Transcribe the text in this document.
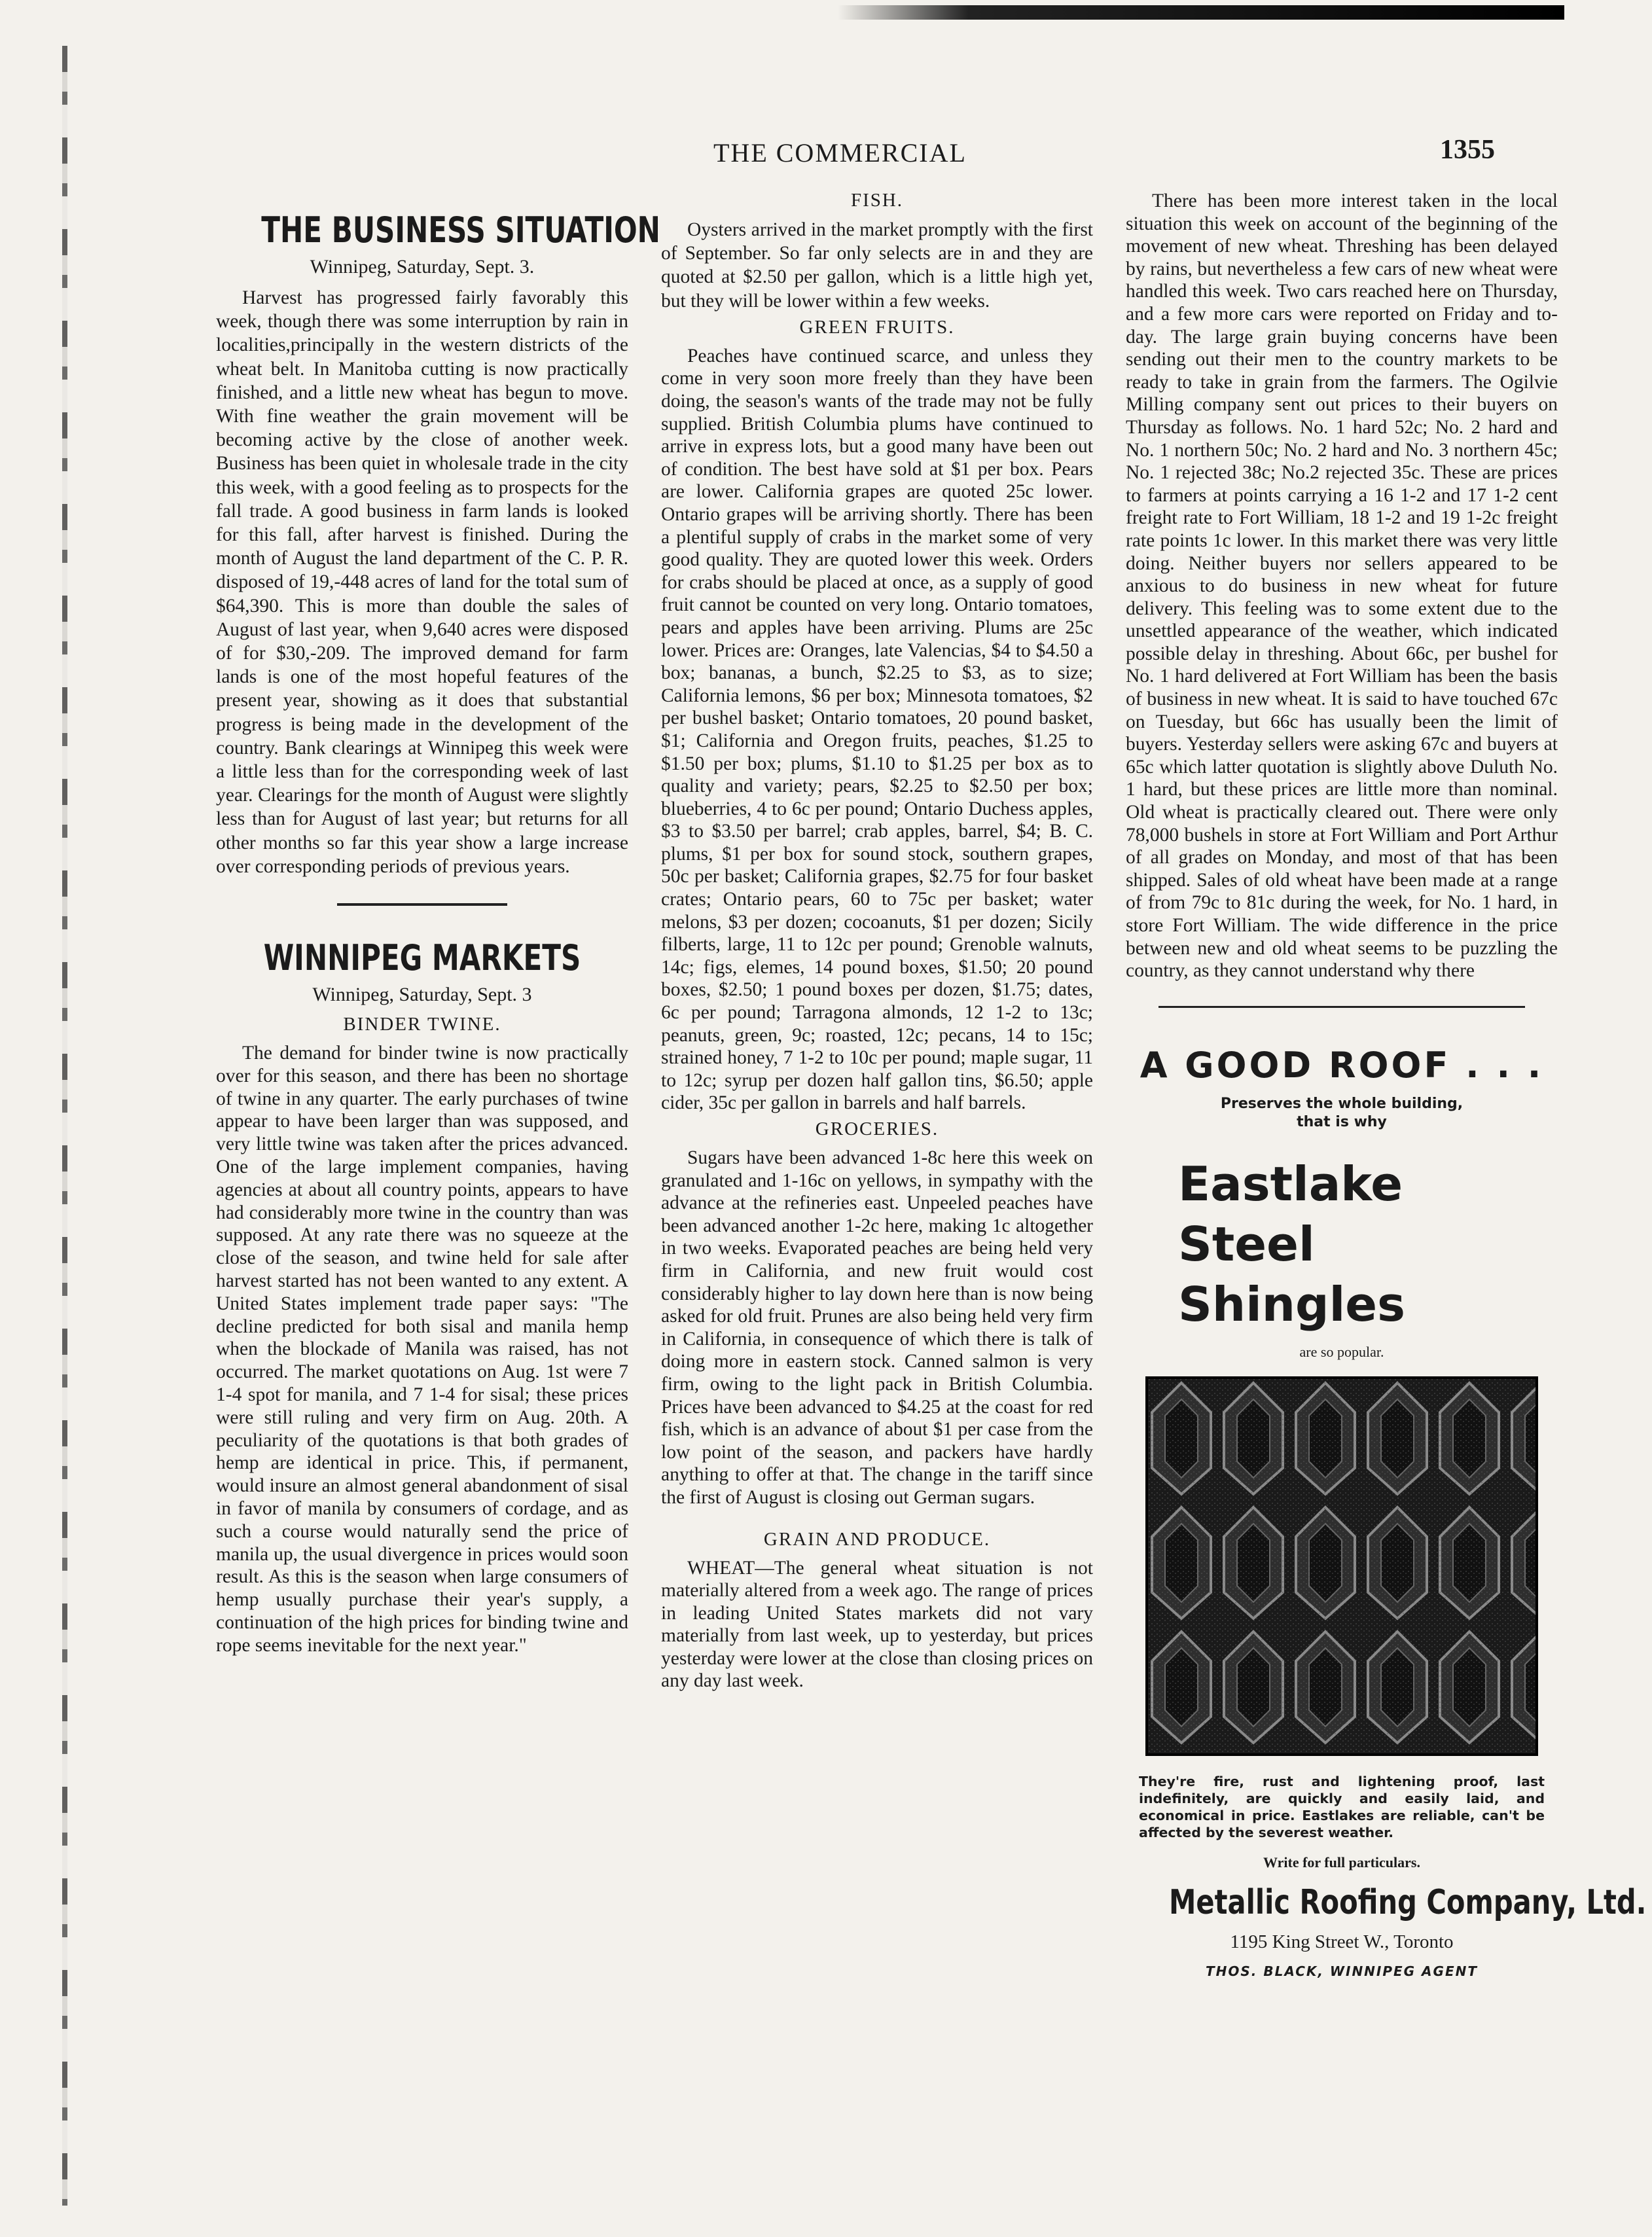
THE COMMERCIAL	1355
THE BUSINESS SITUATION
Winnipeg, Saturday, Sept. 3.

Harvest has progressed fairly favorably this week, though there was some interruption by rain in localities,principally in the western districts of the wheat belt. In Manitoba cutting is now practically finished, and a little new wheat has begun to move. With fine weather the grain movement will be becoming active by the close of another week. Business has been quiet in wholesale trade in the city this week, with a good feeling as to prospects for the fall trade. A good business in farm lands is looked for this fall, after harvest is finished. During the month of August the land department of the C. P. R. disposed of 19,-448 acres of land for the total sum of $64,390. This is more than double the sales of August of last year, when 9,640 acres were disposed of for $30,-209. The improved demand for farm lands is one of the most hopeful features of the present year, showing as it does that substantial progress is being made in the development of the country. Bank clearings at Winnipeg this week were a little less than for the corresponding week of last year. Clearings for the month of August were slightly less than for August of last year; but returns for all other months so far this year show a large increase over corresponding periods of previous years.

WINNIPEG MARKETS
Winnipeg, Saturday, Sept. 3
BINDER TWINE.

The demand for binder twine is now practically over for this season, and there has been no shortage of twine in any quarter. The early purchases of twine appear to have been larger than was supposed, and very little twine was taken after the prices advanced. One of the large implement companies, having agencies at about all country points, appears to have had considerably more twine in the country than was supposed. At any rate there was no squeeze at the close of the season, and twine held for sale after harvest started has not been wanted to any extent. A United States implement trade paper says: "The decline predicted for both sisal and manila hemp when the blockade of Manila was raised, has not occurred. The market quotations on Aug. 1st were 7 1-4 spot for manila, and 7 1-4 for sisal; these prices were still ruling and very firm on Aug. 20th. A peculiarity of the quotations is that both grades of hemp are identical in price. This, if permanent, would insure an almost general abandonment of sisal in favor of manila by consumers of cordage, and as such a course would naturally send the price of manila up, the usual divergence in prices would soon result. As this is the season when large consumers of hemp usually purchase their year's supply, a continuation of the high prices for binding twine and rope seems inevitable for the next year."

FISH.

Oysters arrived in the market promptly with the first of September. So far only selects are in and they are quoted at $2.50 per gallon, which is a little high yet, but they will be lower within a few weeks.

GREEN FRUITS.

Peaches have continued scarce, and unless they come in very soon more freely than they have been doing, the season's wants of the trade may not be fully supplied. British Columbia plums have continued to arrive in express lots, but a good many have been out of condition. The best have sold at $1 per box. Pears are lower. California grapes are quoted 25c lower. Ontario grapes will be arriving shortly. There has been a plentiful supply of crabs in the market some of very good quality. They are quoted lower this week. Orders for crabs should be placed at once, as a supply of good fruit cannot be counted on very long. Ontario tomatoes, pears and apples have been arriving. Plums are 25c lower. Prices are: Oranges, late Valencias, $4 to $4.50 a box; bananas, a bunch, $2.25 to $3, as to size; California lemons, $6 per box; Minnesota tomatoes, $2 per bushel basket; Ontario tomatoes, 20 pound basket, $1; California and Oregon fruits, peaches, $1.25 to $1.50 per box; plums, $1.10 to $1.25 per box as to quality and variety; pears, $2.25 to $2.50 per box; blueberries, 4 to 6c per pound; Ontario Duchess apples, $3 to $3.50 per barrel; crab apples, barrel, $4; B. C. plums, $1 per box for sound stock, southern grapes, 50c per basket; California grapes, $2.75 for four basket crates; Ontario pears, 60 to 75c per basket; water melons, $3 per dozen; cocoanuts, $1 per dozen; Sicily filberts, large, 11 to 12c per pound; Grenoble walnuts, 14c; figs, elemes, 14 pound boxes, $1.50; 20 pound boxes, $2.50; 1 pound boxes per dozen, $1.75; dates, 6c per pound; Tarragona almonds, 12 1-2 to 13c; peanuts, green, 9c; roasted, 12c; pecans, 14 to 15c; strained honey, 7 1-2 to 10c per pound; maple sugar, 11 to 12c; syrup per dozen half gallon tins, $6.50; apple cider, 35c per gallon in barrels and half barrels.

GROCERIES.

Sugars have been advanced 1-8c here this week on granulated and 1-16c on yellows, in sympathy with the advance at the refineries east. Unpeeled peaches have been advanced another 1-2c here, making 1c altogether in two weeks. Evaporated peaches are being held very firm in California, and new fruit would cost considerably higher to lay down here than is now being asked for old fruit. Prunes are also being held very firm in California, in consequence of which there is talk of doing more in eastern stock. Canned salmon is very firm, owing to the light pack in British Columbia. Prices have been advanced to $4.25 at the coast for red fish, which is an advance of about $1 per case from the low point of the season, and packers have hardly anything to offer at that. The change in the tariff since the first of August is closing out German sugars.

GRAIN AND PRODUCE.

WHEAT—The general wheat situation is not materially altered from a week ago. The range of prices in leading United States markets did not vary materially from last week, up to yesterday, but prices yesterday were lower at the close than closing prices on any day last week.

There has been more interest taken in the local situation this week on account of the beginning of the movement of new wheat. Threshing has been delayed by rains, but nevertheless a few cars of new wheat were handled this week. Two cars reached here on Thursday, and a few more cars were reported on Friday and to-day. The large grain buying concerns have been sending out their men to the country markets to be ready to take in grain from the farmers. The Ogilvie Milling company sent out prices to their buyers on Thursday as follows. No. 1 hard 52c; No. 2 hard and No. 1 northern 50c; No. 2 hard and No. 3 northern 45c; No. 1 rejected 38c; No.2 rejected 35c. These are prices to farmers at points carrying a 16 1-2 and 17 1-2 cent freight rate to Fort William, 18 1-2 and 19 1-2c freight rate points 1c lower. In this market there was very little doing. Neither buyers nor sellers appeared to be anxious to do business in new wheat for future delivery. This feeling was to some extent due to the unsettled appearance of the weather, which indicated possible delay in threshing. About 66c, per bushel for No. 1 hard delivered at Fort William has been the basis of business in new wheat. It is said to have touched 67c on Tuesday, but 66c has usually been the limit of buyers. Yesterday sellers were asking 67c and buyers at 65c which latter quotation is slightly above Duluth No. 1 hard, but these prices are little more than nominal. Old wheat is practically cleared out. There were only 78,000 bushels in store at Fort William and Port Arthur of all grades on Monday, and most of that has been shipped. Sales of old wheat have been made at a range of from 79c to 81c during the week, for No. 1 hard, in store Fort William. The wide difference in the price between new and old wheat seems to be puzzling the country, as they cannot understand why there

A GOOD ROOF . . .
Preserves the whole building,
that is why
Eastlake
Steel Shingles
are so popular.
They're fire, rust and lightening proof, last indefinitely, are quickly and easily laid, and economical in price. Eastlakes are reliable, can't be affected by the severest weather.
Write for full particulars.
Metallic Roofing Company, Ltd.
1195 King Street W., Toronto
THOS. BLACK, WINNIPEG AGENT
